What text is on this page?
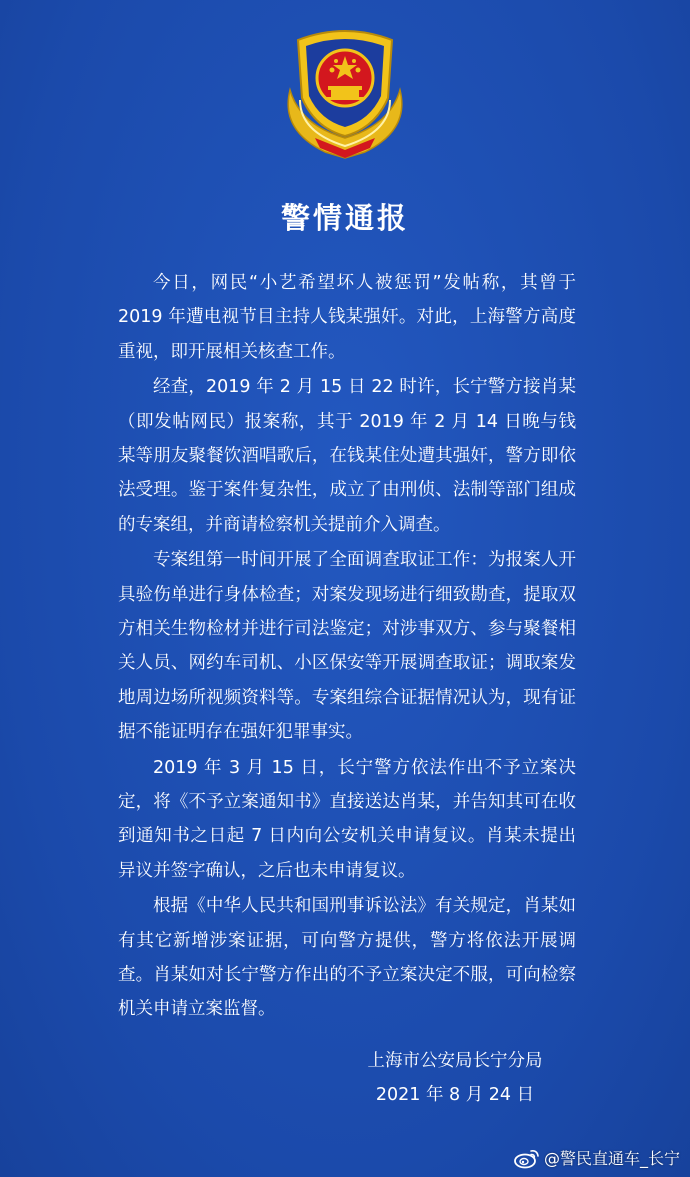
警情通报

今日，网民“小艺希望坏人被惩罚”发帖称，其曾于 2019 年遭电视节目主持人钱某强奸。对此，上海警方高度重视，即开展相关核查工作。

经查，2019 年 2 月 15 日 22 时许，长宁警方接肖某（即发帖网民）报案称，其于 2019 年 2 月 14 日晚与钱某等朋友聚餐饮酒唱歌后，在钱某住处遭其强奸，警方即依法受理。鉴于案件复杂性，成立了由刑侦、法制等部门组成的专案组，并商请检察机关提前介入调查。

专案组第一时间开展了全面调查取证工作：为报案人开具验伤单进行身体检查；对案发现场进行细致勘查，提取双方相关生物检材并进行司法鉴定；对涉事双方、参与聚餐相关人员、网约车司机、小区保安等开展调查取证；调取案发地周边场所视频资料等。专案组综合证据情况认为，现有证据不能证明存在强奸犯罪事实。

2019 年 3 月 15 日，长宁警方依法作出不予立案决定，将《不予立案通知书》直接送达肖某，并告知其可在收到通知书之日起 7 日内向公安机关申请复议。肖某未提出异议并签字确认，之后也未申请复议。

根据《中华人民共和国刑事诉讼法》有关规定，肖某如有其它新增涉案证据，可向警方提供，警方将依法开展调查。肖某如对长宁警方作出的不予立案决定不服，可向检察机关申请立案监督。

上海市公安局长宁分局
2021 年 8 月 24 日
@警民直通车_长宁
